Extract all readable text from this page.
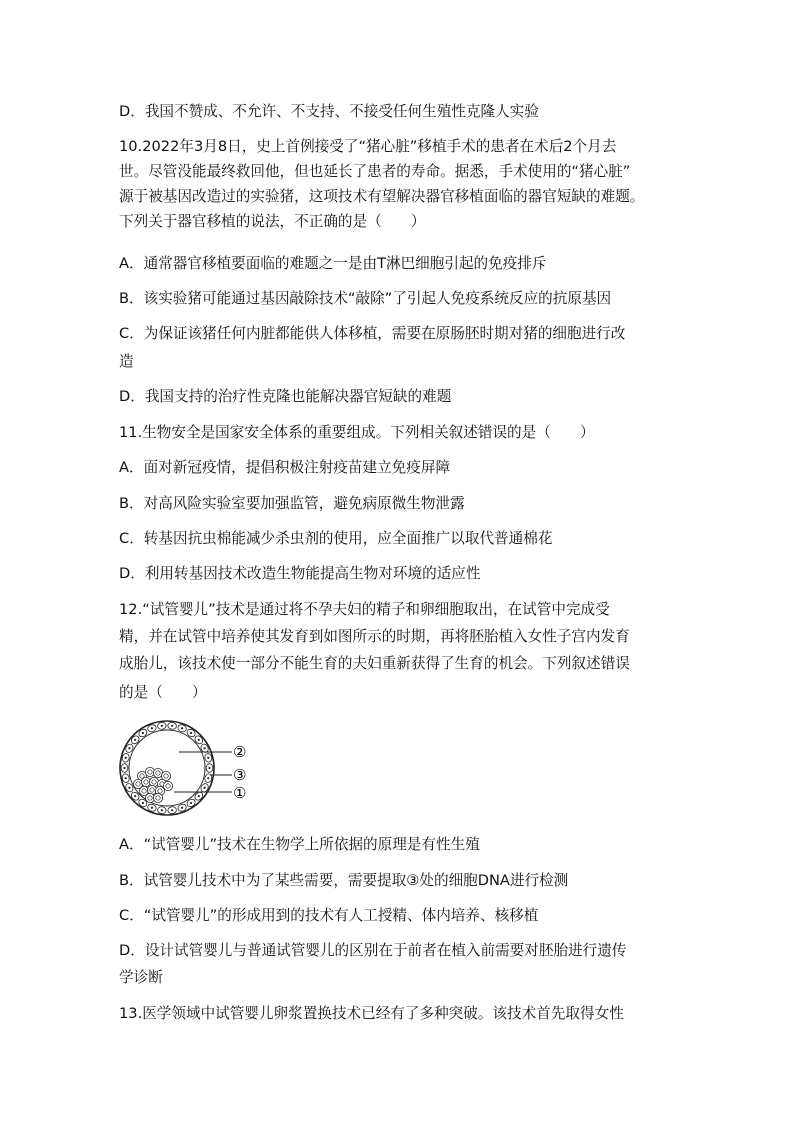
D．我国不赞成、不允许、不支持、不接受任何生殖性克隆人实验
10.2022年3月8日，史上首例接受了“猪心脏”移植手术的患者在术后2个月去
世。尽管没能最终救回他，但也延长了患者的寿命。据悉，手术使用的“猪心脏”
源于被基因改造过的实验猪，这项技术有望解决器官移植面临的器官短缺的难题。
下列关于器官移植的说法，不正确的是（　　）
A．通常器官移植要面临的难题之一是由T淋巴细胞引起的免疫排斥
B．该实验猪可能通过基因敲除技术“敲除”了引起人免疫系统反应的抗原基因
C．为保证该猪任何内脏都能供人体移植，需要在原肠胚时期对猪的细胞进行改
造
D．我国支持的治疗性克隆也能解决器官短缺的难题
11.生物安全是国家安全体系的重要组成。下列相关叙述错误的是（　　）
A．面对新冠疫情，提倡积极注射疫苗建立免疫屏障
B．对高风险实验室要加强监管，避免病原微生物泄露
C．转基因抗虫棉能减少杀虫剂的使用，应全面推广以取代普通棉花
D．利用转基因技术改造生物能提高生物对环境的适应性
12.“试管婴儿”技术是通过将不孕夫妇的精子和卵细胞取出，在试管中完成受
精，并在试管中培养使其发育到如图所示的时期，再将胚胎植入女性子宫内发育
成胎儿，该技术使一部分不能生育的夫妇重新获得了生育的机会。下列叙述错误
的是（　　）
②
③
①
A．“试管婴儿”技术在生物学上所依据的原理是有性生殖
B．试管婴儿技术中为了某些需要，需要提取③处的细胞DNA进行检测
C．“试管婴儿”的形成用到的技术有人工授精、体内培养、核移植
D．设计试管婴儿与普通试管婴儿的区别在于前者在植入前需要对胚胎进行遗传
学诊断
13.医学领域中试管婴儿卵浆置换技术已经有了多种突破。该技术首先取得女性
